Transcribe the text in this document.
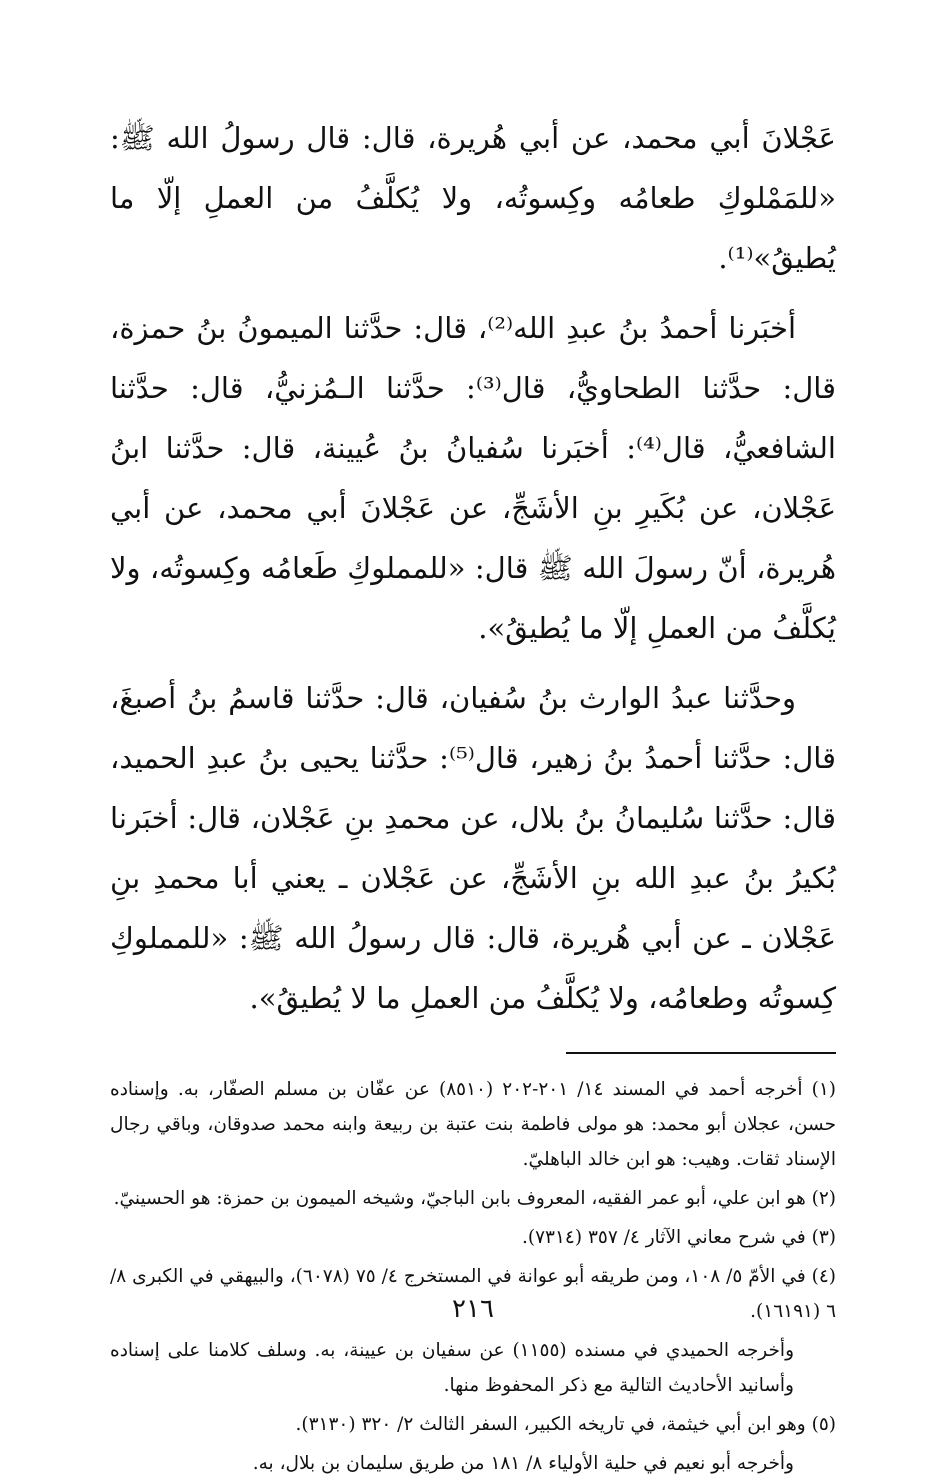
عَجْلانَ أبي محمد، عن أبي هُريرة، قال: قال رسولُ الله ﷺ: «للمَمْلوكِ طعامُه وكِسوتُه، ولا يُكلَّفُ من العملِ إلّا ما يُطيقُ»⁽¹⁾.

أخبَرنا أحمدُ بنُ عبدِ الله⁽²⁾، قال: حدَّثنا الميمونُ بنُ حمزة، قال: حدَّثنا الطحاويُّ، قال⁽³⁾: حدَّثنا الـمُزنيُّ، قال: حدَّثنا الشافعيُّ، قال⁽⁴⁾: أخبَرنا سُفيانُ بنُ عُيينة، قال: حدَّثنا ابنُ عَجْلان، عن بُكَيرِ بنِ الأشَجِّ، عن عَجْلانَ أبي محمد، عن أبي هُريرة، أنّ رسولَ الله ﷺ قال: «للمملوكِ طَعامُه وكِسوتُه، ولا يُكلَّفُ من العملِ إلّا ما يُطيقُ».

وحدَّثنا عبدُ الوارث بنُ سُفيان، قال: حدَّثنا قاسمُ بنُ أصبغَ، قال: حدَّثنا أحمدُ بنُ زهير، قال⁽⁵⁾: حدَّثنا يحيى بنُ عبدِ الحميد، قال: حدَّثنا سُليمانُ بنُ بلال، عن محمدِ بنِ عَجْلان، قال: أخبَرنا بُكيرُ بنُ عبدِ الله بنِ الأشَجِّ، عن عَجْلان ـ يعني أبا محمدِ بنِ عَجْلان ـ عن أبي هُريرة، قال: قال رسولُ الله ﷺ: «للمملوكِ كِسوتُه وطعامُه، ولا يُكلَّفُ من العملِ ما لا يُطيقُ».

(١) أخرجه أحمد في المسند ١٤/ ٢٠١-٢٠٢ (٨٥١٠) عن عفّان بن مسلم الصفّار، به. وإسناده حسن، عجلان أبو محمد: هو مولى فاطمة بنت عتبة بن ربيعة وابنه محمد صدوقان، وباقي رجال الإسناد ثقات. وهيب: هو ابن خالد الباهليّ.
(٢) هو ابن علي، أبو عمر الفقيه، المعروف بابن الباجيّ، وشيخه الميمون بن حمزة: هو الحسينيّ.
(٣) في شرح معاني الآثار ٤/ ٣٥٧ (٧٣١٤).
(٤) في الأمّ ٥/ ١٠٨، ومن طريقه أبو عوانة في المستخرج ٤/ ٧٥ (٦٠٧٨)، والبيهقي في الكبرى ٨/ ٦ (١٦١٩١).
وأخرجه الحميدي في مسنده (١١٥٥) عن سفيان بن عيينة، به. وسلف كلامنا على إسناده وأسانيد الأحاديث التالية مع ذكر المحفوظ منها.
(٥) وهو ابن أبي خيثمة، في تاريخه الكبير، السفر الثالث ٢/ ٣٢٠ (٣١٣٠).
وأخرجه أبو نعيم في حلية الأولياء ٨/ ١٨١ من طريق سليمان بن بلال، به.
٢١٦
